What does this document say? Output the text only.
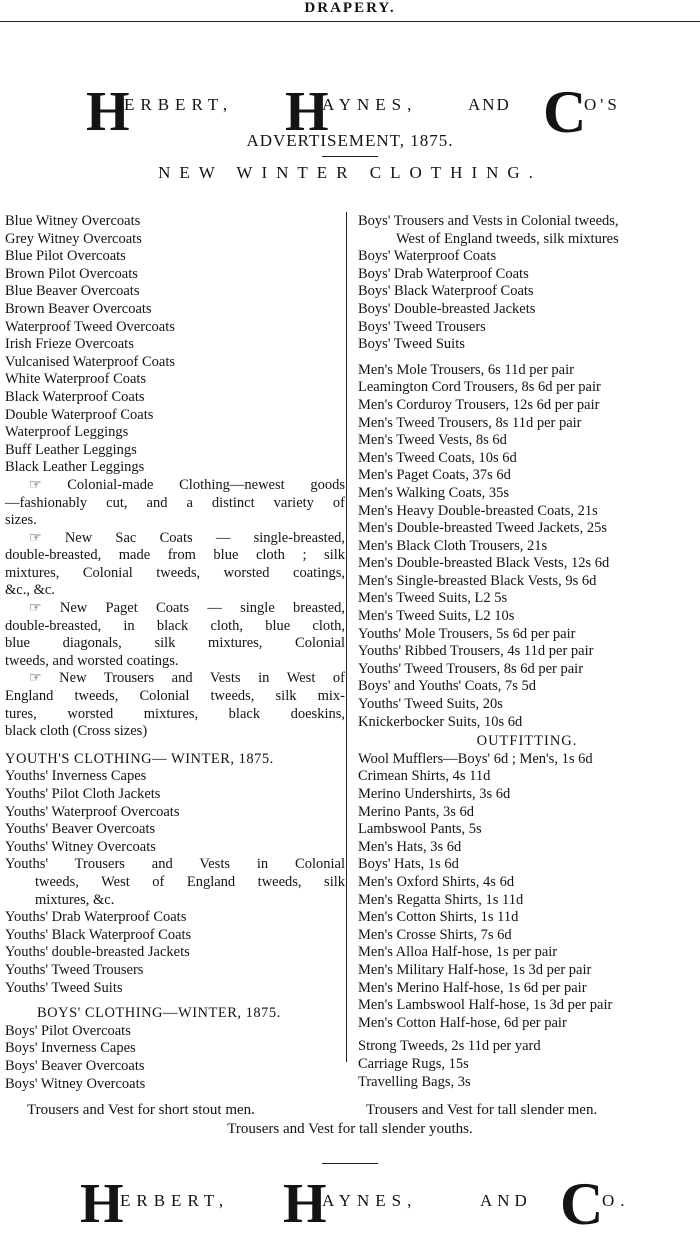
DRAPERY.
H
ERBERT, H
AYNES,	AND C
O'S
ADVERTISEMENT, 1875.
NEW WINTER CLOTHING.
Blue Witney Overcoats
Grey Witney Overcoats
Blue Pilot Overcoats
Brown Pilot Overcoats
Blue Beaver Overcoats
Brown Beaver Overcoats
Waterproof Tweed Overcoats
Irish Frieze Overcoats
Vulcanised Waterproof Coats
White Waterproof Coats
Black Waterproof Coats
Double Waterproof Coats
Waterproof Leggings
Buff Leather Leggings
Black Leather Leggings
☞ Colonial-made Clothing—newest goods
—fashionably cut, and a distinct variety of
sizes.
☞ New Sac Coats — single-breasted,
double-breasted, made from blue cloth ; silk
mixtures, Colonial tweeds, worsted coatings,
&c., &c.
☞ New Paget Coats — single breasted,
double-breasted, in black cloth, blue cloth,
blue diagonals, silk mixtures, Colonial
tweeds, and worsted coatings.
☞ New Trousers and Vests in West of
England tweeds, Colonial tweeds, silk mix-
tures, worsted mixtures, black doeskins,
black cloth (Cross sizes)
YOUTH'S CLOTHING— WINTER, 1875.
Youths' Inverness Capes
Youths' Pilot Cloth Jackets
Youths' Waterproof Overcoats
Youths' Beaver Overcoats
Youths' Witney Overcoats
Youths' Trousers and Vests in Colonial
tweeds, West of England tweeds, silk
mixtures, &c.
Youths' Drab Waterproof Coats
Youths' Black Waterproof Coats
Youths' double-breasted Jackets
Youths' Tweed Trousers
Youths' Tweed Suits
BOYS' CLOTHING—WINTER, 1875.
Boys' Pilot Overcoats
Boys' Inverness Capes
Boys' Beaver Overcoats
Boys' Witney Overcoats
Boys' Trousers and Vests in Colonial tweeds,
West of England tweeds, silk mixtures
Boys' Waterproof Coats
Boys' Drab Waterproof Coats
Boys' Black Waterproof Coats
Boys' Double-breasted Jackets
Boys' Tweed Trousers
Boys' Tweed Suits
Men's Mole Trousers, 6s 11d per pair
Leamington Cord Trousers, 8s 6d per pair
Men's Corduroy Trousers, 12s 6d per pair
Men's Tweed Trousers, 8s 11d per pair
Men's Tweed Vests, 8s 6d
Men's Tweed Coats, 10s 6d
Men's Paget Coats, 37s 6d
Men's Walking Coats, 35s
Men's Heavy Double-breasted Coats, 21s
Men's Double-breasted Tweed Jackets, 25s
Men's Black Cloth Trousers, 21s
Men's Double-breasted Black Vests, 12s 6d
Men's Single-breasted Black Vests, 9s 6d
Men's Tweed Suits, L2 5s
Men's Tweed Suits, L2 10s
Youths' Mole Trousers, 5s 6d per pair
Youths' Ribbed Trousers, 4s 11d per pair
Youths' Tweed Trousers, 8s 6d per pair
Boys' and Youths' Coats, 7s 5d
Youths' Tweed Suits, 20s
Knickerbocker Suits, 10s 6d
OUTFITTING.
Wool Mufflers—Boys' 6d ; Men's, 1s 6d
Crimean Shirts, 4s 11d
Merino Undershirts, 3s 6d
Merino Pants, 3s 6d
Lambswool Pants, 5s
Men's Hats, 3s 6d
Boys' Hats, 1s 6d
Men's Oxford Shirts, 4s 6d
Men's Regatta Shirts, 1s 11d
Men's Cotton Shirts, 1s 11d
Men's Crosse Shirts, 7s 6d
Men's Alloa Half-hose, 1s per pair
Men's Military Half-hose, 1s 3d per pair
Men's Merino Half-hose, 1s 6d per pair
Men's Lambswool Half-hose, 1s 3d per pair
Men's Cotton Half-hose, 6d per pair
Strong Tweeds, 2s 11d per yard
Carriage Rugs, 15s
Travelling Bags, 3s
Trousers and Vest for short stout men.	Trousers and Vest for tall slender men.
Trousers and Vest for tall slender youths.
H
ERBERT, H
AYNES,	AND C
O.
